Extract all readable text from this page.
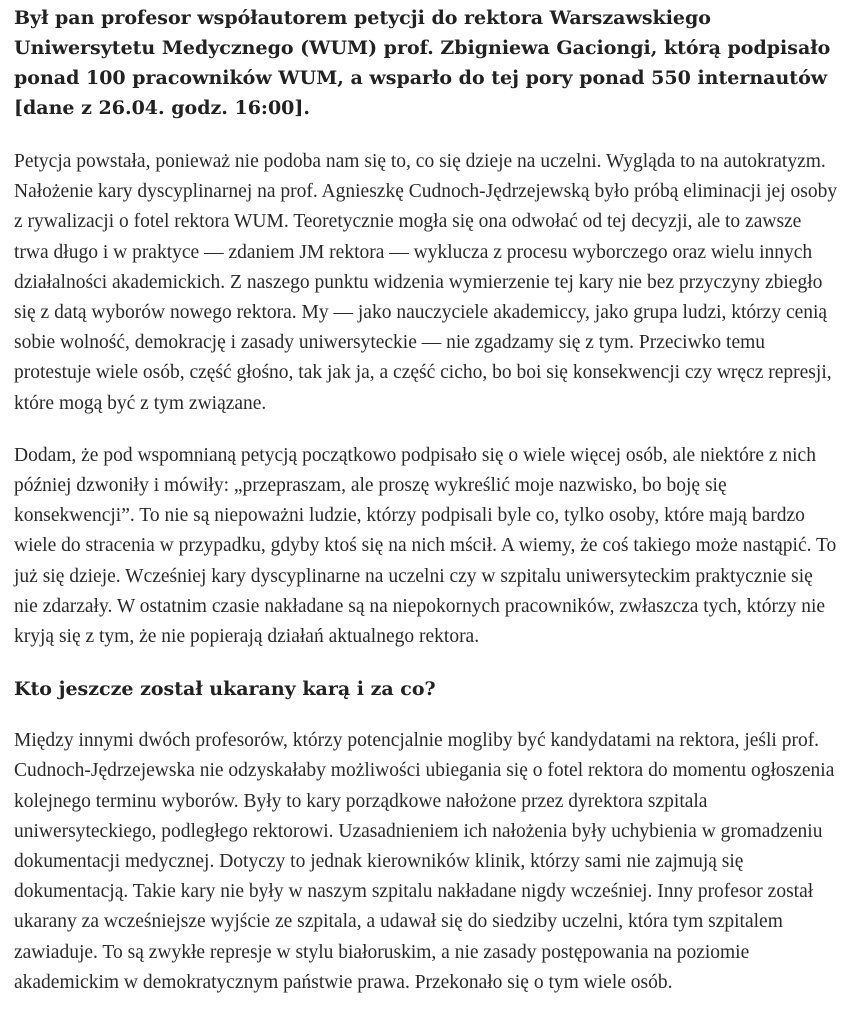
Był pan profesor współautorem petycji do rektora Warszawskiego Uniwersytetu Medycznego (WUM) prof. Zbigniewa Gaciongi, którą podpisało ponad 100 pracowników WUM, a wsparło do tej pory ponad 550 internautów [dane z 26.04. godz. 16:00].

Petycja powstała, ponieważ nie podoba nam się to, co się dzieje na uczelni. Wygląda to na autokratyzm. Nałożenie kary dyscyplinarnej na prof. Agnieszkę Cudnoch-Jędrzejewską było próbą eliminacji jej osoby z rywalizacji o fotel rektora WUM. Teoretycznie mogła się ona odwołać od tej decyzji, ale to zawsze trwa długo i w praktyce — zdaniem JM rektora — wyklucza z procesu wyborczego oraz wielu innych działalności akademickich. Z naszego punktu widzenia wymierzenie tej kary nie bez przyczyny zbiegło się z datą wyborów nowego rektora. My — jako nauczyciele akademiccy, jako grupa ludzi, którzy cenią sobie wolność, demokrację i zasady uniwersyteckie — nie zgadzamy się z tym. Przeciwko temu protestuje wiele osób, część głośno, tak jak ja, a część cicho, bo boi się konsekwencji czy wręcz represji, które mogą być z tym związane.

Dodam, że pod wspomnianą petycją początkowo podpisało się o wiele więcej osób, ale niektóre z nich później dzwoniły i mówiły: „przepraszam, ale proszę wykreślić moje nazwisko, bo boję się konsekwencji”. To nie są niepoważni ludzie, którzy podpisali byle co, tylko osoby, które mają bardzo wiele do stracenia w przypadku, gdyby ktoś się na nich mścił. A wiemy, że coś takiego może nastąpić. To już się dzieje. Wcześniej kary dyscyplinarne na uczelni czy w szpitalu uniwersyteckim praktycznie się nie zdarzały. W ostatnim czasie nakładane są na niepokornych pracowników, zwłaszcza tych, którzy nie kryją się z tym, że nie popierają działań aktualnego rektora.

Kto jeszcze został ukarany karą i za co?

Między innymi dwóch profesorów, którzy potencjalnie mogliby być kandydatami na rektora, jeśli prof. Cudnoch-Jędrzejewska nie odzyskałaby możliwości ubiegania się o fotel rektora do momentu ogłoszenia kolejnego terminu wyborów. Były to kary porządkowe nałożone przez dyrektora szpitala uniwersyteckiego, podległego rektorowi. Uzasadnieniem ich nałożenia były uchybienia w gromadzeniu dokumentacji medycznej. Dotyczy to jednak kierowników klinik, którzy sami nie zajmują się dokumentacją. Takie kary nie były w naszym szpitalu nakładane nigdy wcześniej. Inny profesor został ukarany za wcześniejsze wyjście ze szpitala, a udawał się do siedziby uczelni, która tym szpitalem zawiaduje. To są zwykłe represje w stylu białoruskim, a nie zasady postępowania na poziomie akademickim w demokratycznym państwie prawa. Przekonało się o tym wiele osób.
